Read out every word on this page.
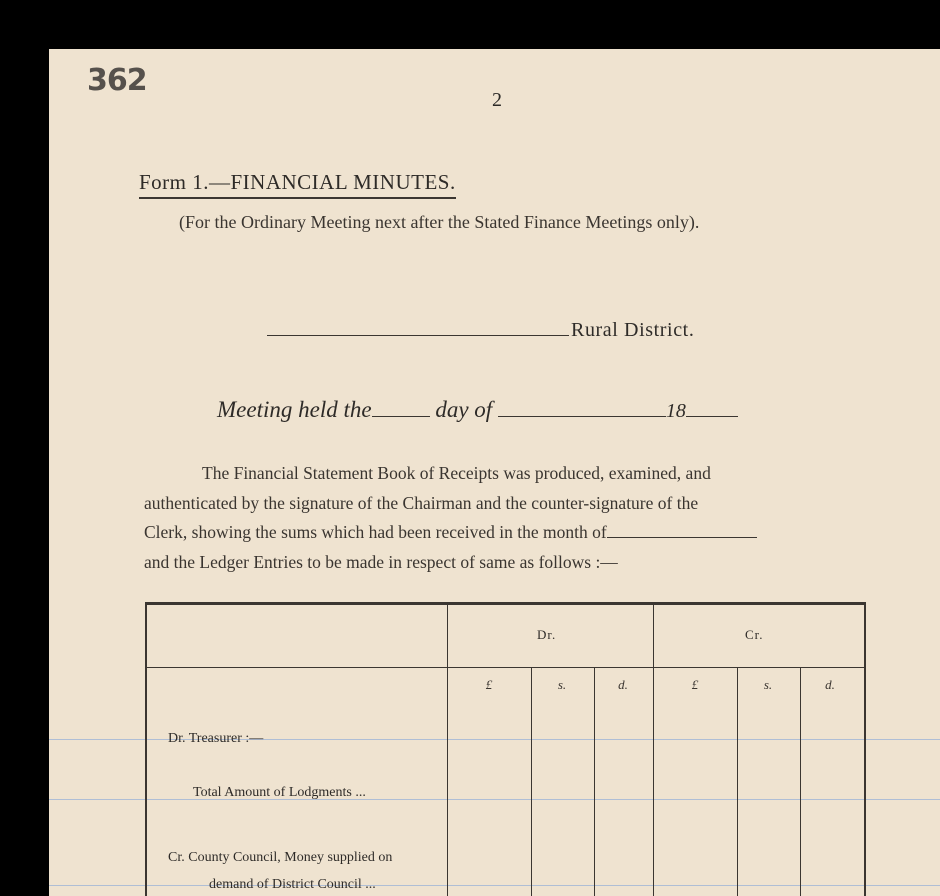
362
2
Form 1.—FINANCIAL MINUTES.
(For the Ordinary Meeting next after the Stated Finance Meetings only).
Rural District.
Meeting held the	day of	18
The Financial Statement Book of Receipts was produced, examined, and
authenticated by the signature of the Chairman and the counter-signature of the
Clerk, showing the sums which had been received in the month of
and the Ledger Entries to be made in respect of same as follows :—
Dr.	Cr.
£	s.	d.	£	s.	d.
Dr. Treasurer :—
Total Amount of Lodgments ...
Cr. County Council, Money supplied on
demand of District Council ...
